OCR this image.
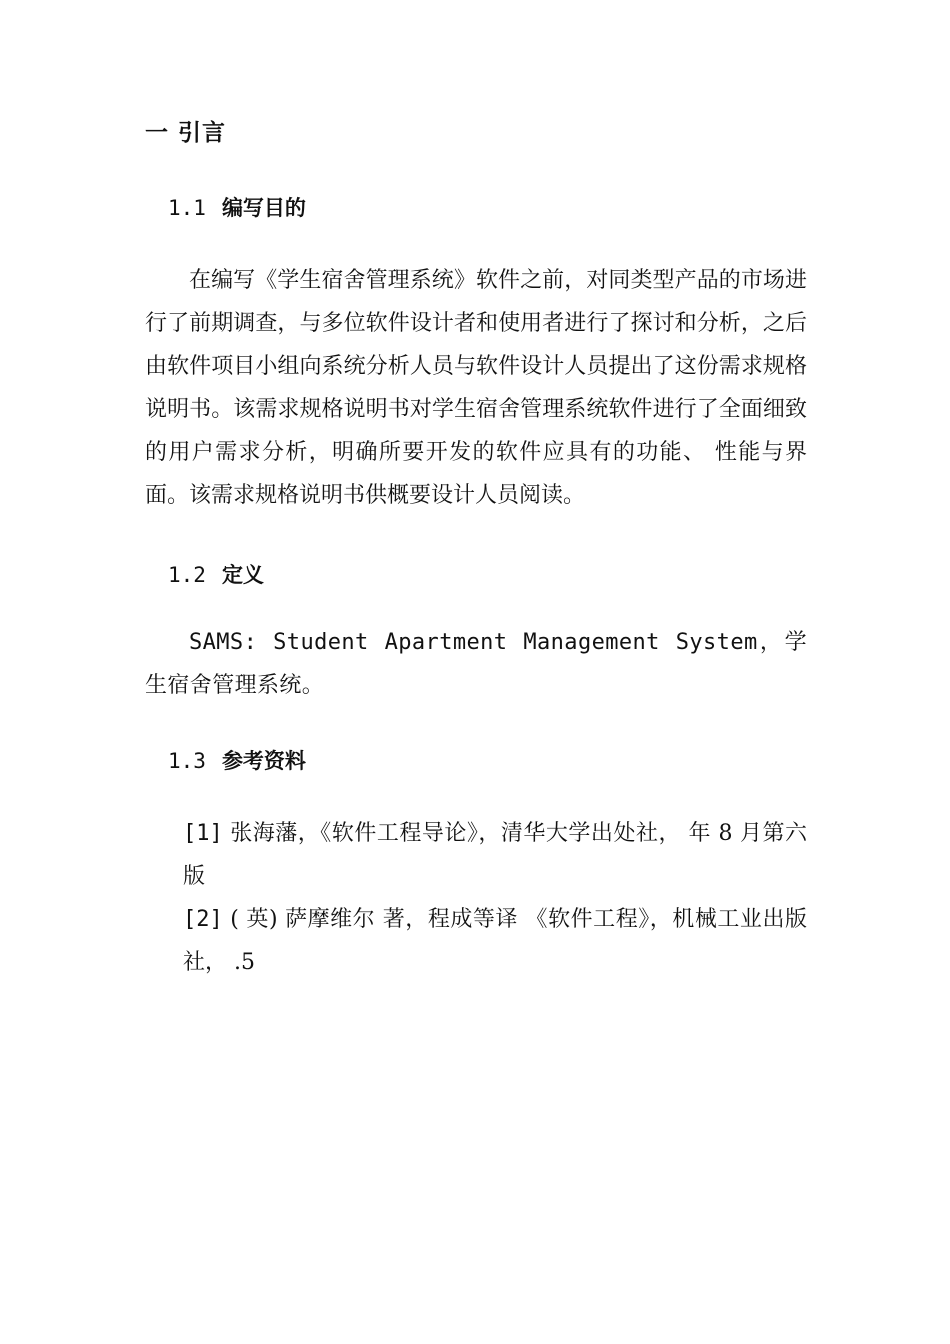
一 引言
1.1 编写目的

在编写《学生宿舍管理系统》软件之前，对同类型产品的市场进行了前期调查，与多位软件设计者和使用者进行了探讨和分析，之后由软件项目小组向系统分析人员与软件设计人员提出了这份需求规格说明书。该需求规格说明书对学生宿舍管理系统软件进行了全面细致的用户需求分析，明确所要开发的软件应具有的功能、 性能与界面。该需求规格说明书供概要设计人员阅读。

1.2 定义

SAMS: Student Apartment Management System，学生宿舍管理系统。

1.3 参考资料
[1] 张海藩，《软件工程导论》，清华大学出处社， 年 8 月第六版
[2] ( 英) 萨摩维尔 著，程成等译 《软件工程》，机械工业出版社， .5
